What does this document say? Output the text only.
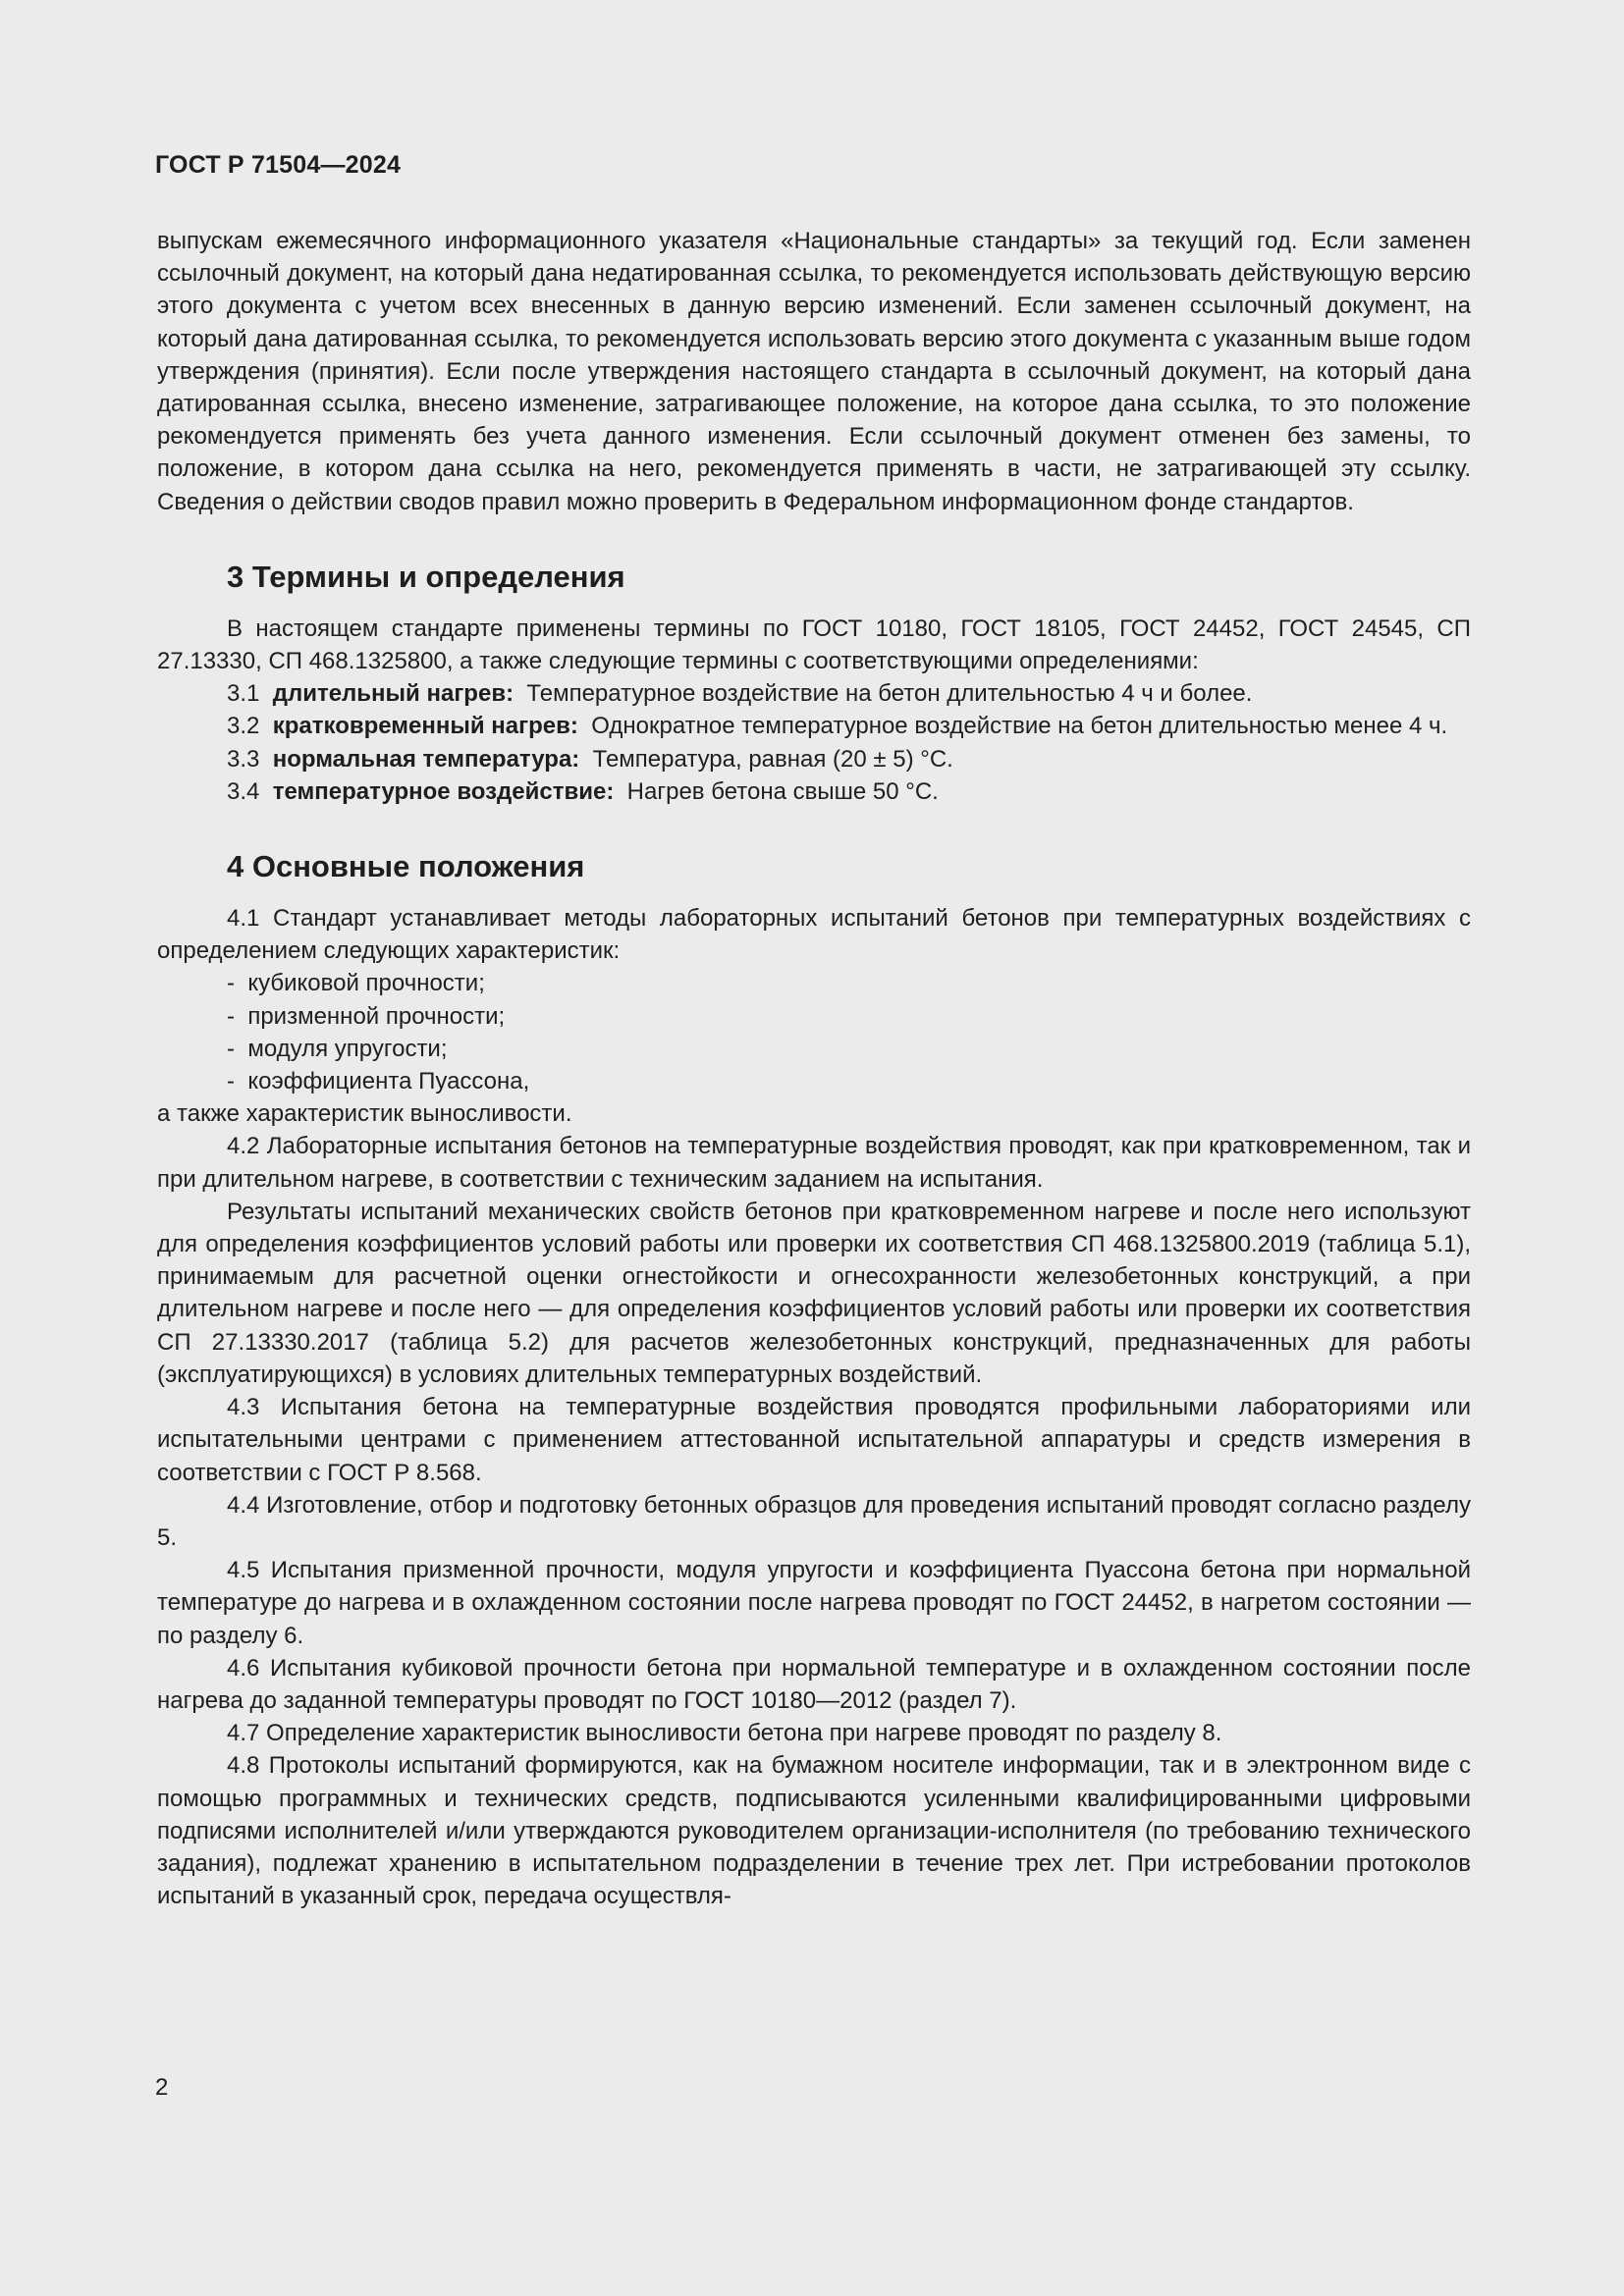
ГОСТ Р 71504—2024

выпускам ежемесячного информационного указателя «Национальные стандарты» за текущий год. Если заменен ссылочный документ, на который дана недатированная ссылка, то рекомендуется использовать действующую версию этого документа с учетом всех внесенных в данную версию изменений. Если заменен ссылочный документ, на который дана датированная ссылка, то рекомендуется использовать версию этого документа с указанным выше годом утверждения (принятия). Если после утверждения настоящего стандарта в ссылочный документ, на который дана датированная ссылка, внесено изменение, затрагивающее положение, на которое дана ссылка, то это положение рекомендуется применять без учета данного изменения. Если ссылочный документ отменен без замены, то положение, в котором дана ссылка на него, рекомендуется применять в части, не затрагивающей эту ссылку. Сведения о действии сводов правил можно проверить в Федеральном информационном фонде стандартов.

3 Термины и определения

В настоящем стандарте применены термины по ГОСТ 10180, ГОСТ 18105, ГОСТ 24452, ГОСТ 24545, СП 27.13330, СП 468.1325800, а также следующие термины с соответствующими определениями:

3.1 длительный нагрев: Температурное воздействие на бетон длительностью 4 ч и более.

3.2 кратковременный нагрев: Однократное температурное воздействие на бетон длительностью менее 4 ч.

3.3 нормальная температура: Температура, равная (20 ± 5) °С.

3.4 температурное воздействие: Нагрев бетона свыше 50 °С.

4 Основные положения

4.1 Стандарт устанавливает методы лабораторных испытаний бетонов при температурных воздействиях с определением следующих характеристик:

-  кубиковой прочности;
-  призменной прочности;
-  модуля упругости;
-  коэффициента Пуассона,

а также характеристик выносливости.

4.2 Лабораторные испытания бетонов на температурные воздействия проводят, как при кратковременном, так и при длительном нагреве, в соответствии с техническим заданием на испытания.

Результаты испытаний механических свойств бетонов при кратковременном нагреве и после него используют для определения коэффициентов условий работы или проверки их соответствия СП 468.1325800.2019 (таблица 5.1), принимаемым для расчетной оценки огнестойкости и огнесохранности железобетонных конструкций, а при длительном нагреве и после него — для определения коэффициентов условий работы или проверки их соответствия СП 27.13330.2017 (таблица 5.2) для расчетов железобетонных конструкций, предназначенных для работы (эксплуатирующихся) в условиях длительных температурных воздействий.

4.3 Испытания бетона на температурные воздействия проводятся профильными лабораториями или испытательными центрами с применением аттестованной испытательной аппаратуры и средств измерения в соответствии с ГОСТ Р 8.568.

4.4 Изготовление, отбор и подготовку бетонных образцов для проведения испытаний проводят согласно разделу 5.

4.5 Испытания призменной прочности, модуля упругости и коэффициента Пуассона бетона при нормальной температуре до нагрева и в охлажденном состоянии после нагрева проводят по ГОСТ 24452, в нагретом состоянии — по разделу 6.

4.6 Испытания кубиковой прочности бетона при нормальной температуре и в охлажденном состоянии после нагрева до заданной температуры проводят по ГОСТ 10180—2012 (раздел 7).

4.7 Определение характеристик выносливости бетона при нагреве проводят по разделу 8.

4.8 Протоколы испытаний формируются, как на бумажном носителе информации, так и в электронном виде с помощью программных и технических средств, подписываются усиленными квалифицированными цифровыми подписями исполнителей и/или утверждаются руководителем организации-исполнителя (по требованию технического задания), подлежат хранению в испытательном подразделении в течение трех лет. При истребовании протоколов испытаний в указанный срок, передача осуществля-

2
